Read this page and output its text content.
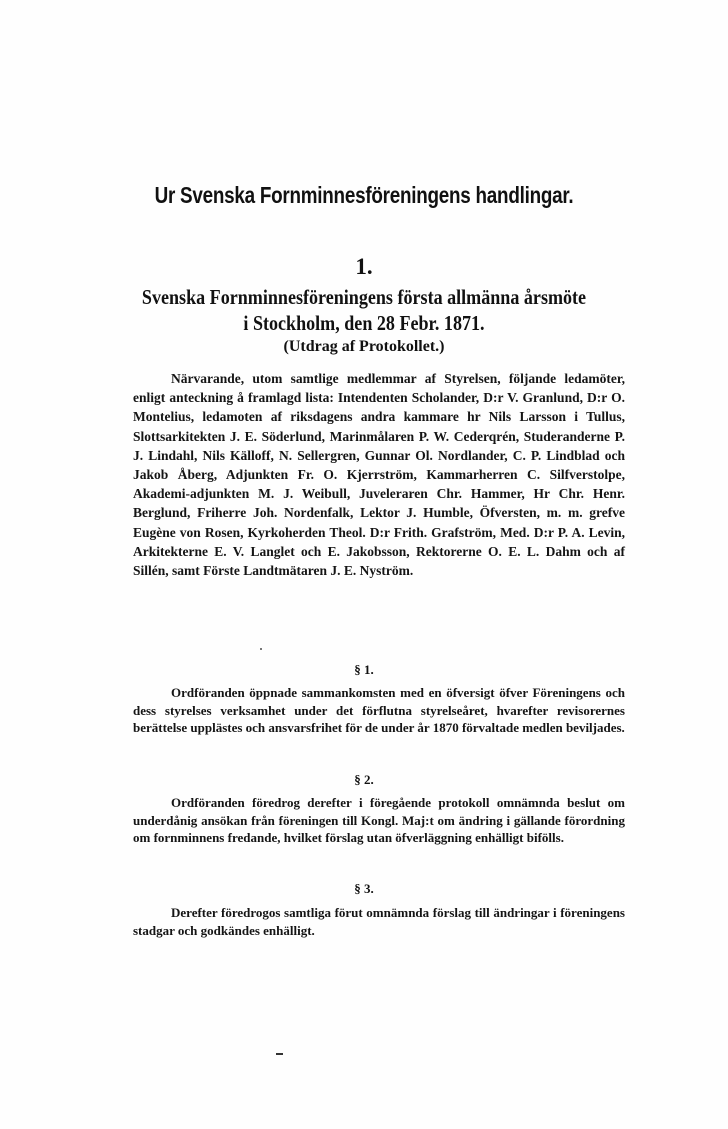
Ur Svenska Fornminnesföreningens handlingar.
1.
Svenska Fornminnesföreningens första allmänna årsmöte
i Stockholm, den 28 Febr. 1871.
(Utdrag af Protokollet.)
Närvarande, utom samtlige medlemmar af Styrelsen, följande ledamöter, enligt anteckning å framlagd lista: Intendenten Scholander, D:r V. Granlund, D:r O. Montelius, ledamoten af riksdagens andra kammare hr Nils Larsson i Tullus, Slottsarkitekten J. E. Söderlund, Marinmålaren P. W. Cederqrén, Studeranderne P. J. Lindahl, Nils Källoff, N. Sellergren, Gunnar Ol. Nordlander, C. P. Lindblad och Jakob Åberg, Adjunkten Fr. O. Kjerrström, Kammarherren C. Silfverstolpe, Akademi-adjunkten M. J. Weibull, Juveleraren Chr. Hammer, Hr Chr. Henr. Berglund, Friherre Joh. Nordenfalk, Lektor J. Humble, Öfversten, m. m. grefve Eugène von Rosen, Kyrkoherden Theol. D:r Frith. Grafström, Med. D:r P. A. Levin, Arkitekterne E. V. Langlet och E. Jakobsson, Rektorerne O. E. L. Dahm och af Sillén, samt Förste Landtmätaren J. E. Nyström.
§ 1.
Ordföranden öppnade sammankomsten med en öfversigt öfver Föreningens och dess styrelses verksamhet under det förflutna styrelseåret, hvarefter revisorernes berättelse upplästes och ansvarsfrihet för de under år 1870 förvaltade medlen beviljades.
§ 2.
Ordföranden föredrog derefter i föregående protokoll omnämnda beslut om underdånig ansökan från föreningen till Kongl. Maj:t om ändring i gällande förordning om fornminnens fredande, hvilket förslag utan öfverläggning enhälligt bifölls.
§ 3.
Derefter föredrogos samtliga förut omnämnda förslag till ändringar i föreningens stadgar och godkändes enhälligt.
